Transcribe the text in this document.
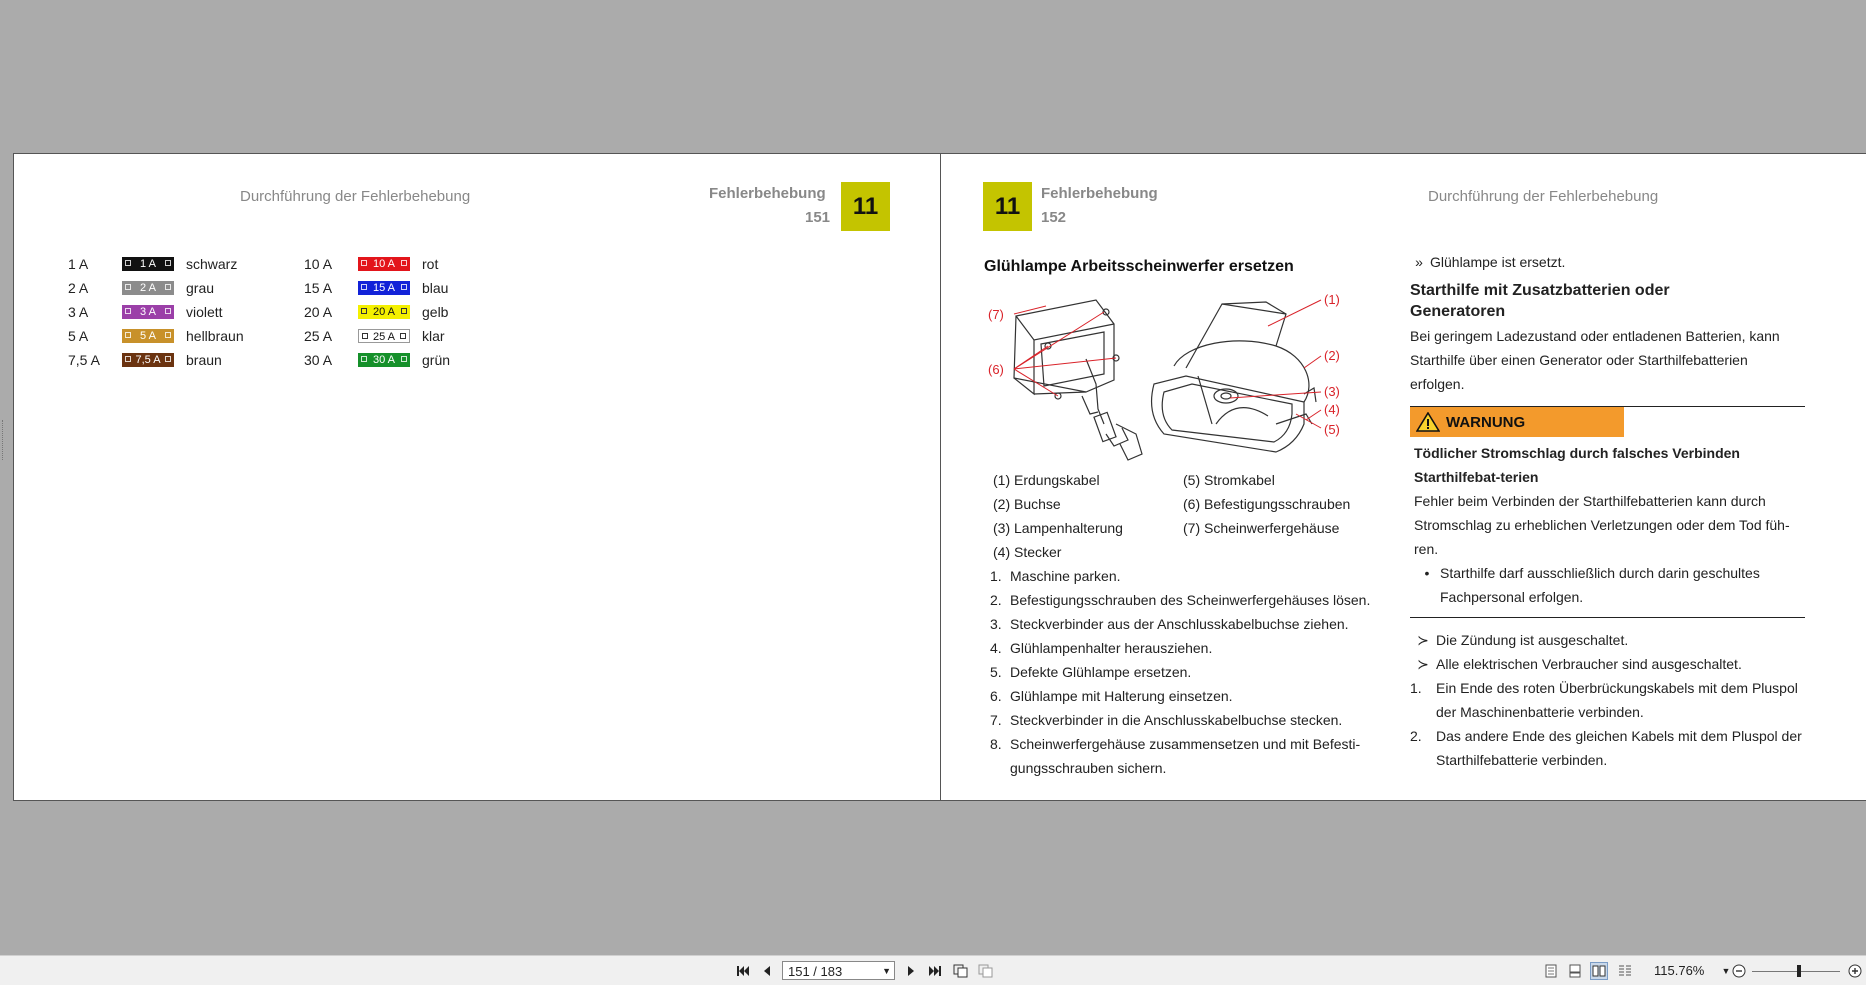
Durchführung der Fehlerbehebung	Fehlerbehebung
151 11
1 A	1 A	schwarz
2 A	2 A	grau
3 A	3 A	violett
5 A	5 A	hellbraun
7,5 A	7,5 A	braun
10 A	10 A	rot
15 A	15 A	blau
20 A	20 A	gelb
25 A	25 A	klar
30 A	30 A	grün
11	Fehlerbehebung
152
Durchführung der Fehlerbehebung
Glühlampe Arbeitsscheinwerfer ersetzen
(7)
(6)
(1)
(2)
(3)
(4)
(5)
(1) Erdungskabel	(5) Stromkabel
(2) Buchse	(6) Befestigungsschrauben
(3) Lampenhalterung	(7) Scheinwerfergehäuse
(4) Stecker
1. Maschine parken.
2. Befestigungsschrauben des Scheinwerfergehäuses lösen.
3. Steckverbinder aus der Anschlusskabelbuchse ziehen.
4. Glühlampenhalter herausziehen.
5. Defekte Glühlampe ersetzen.
6. Glühlampe mit Halterung einsetzen.
7. Steckverbinder in die Anschlusskabelbuchse stecken.
8. Scheinwerfergehäuse zusammensetzen und mit Befesti-gungsschrauben sichern.
» Glühlampe ist ersetzt.
Starthilfe mit Zusatzbatterien oder Generatoren
Bei geringem Ladezustand oder entladenen Batterien, kann Starthilfe über einen Generator oder Starthilfebatterien erfolgen.
WARNUNG
Tödlicher Stromschlag durch falsches Verbinden Starthilfebat-terien
Fehler beim Verbinden der Starthilfebatterien kann durch Stromschlag zu erheblichen Verletzungen oder dem Tod füh-ren.
• Starthilfe darf ausschließlich durch darin geschultes Fachpersonal erfolgen.
≻ Die Zündung ist ausgeschaltet.
≻ Alle elektrischen Verbraucher sind ausgeschaltet.
1.	Ein Ende des roten Überbrückungskabels mit dem Pluspol der Maschinenbatterie verbinden.
2.	Das andere Ende des gleichen Kabels mit dem Pluspol der Starthilfebatterie verbinden.
151 / 183	▼	115.76%	▼
